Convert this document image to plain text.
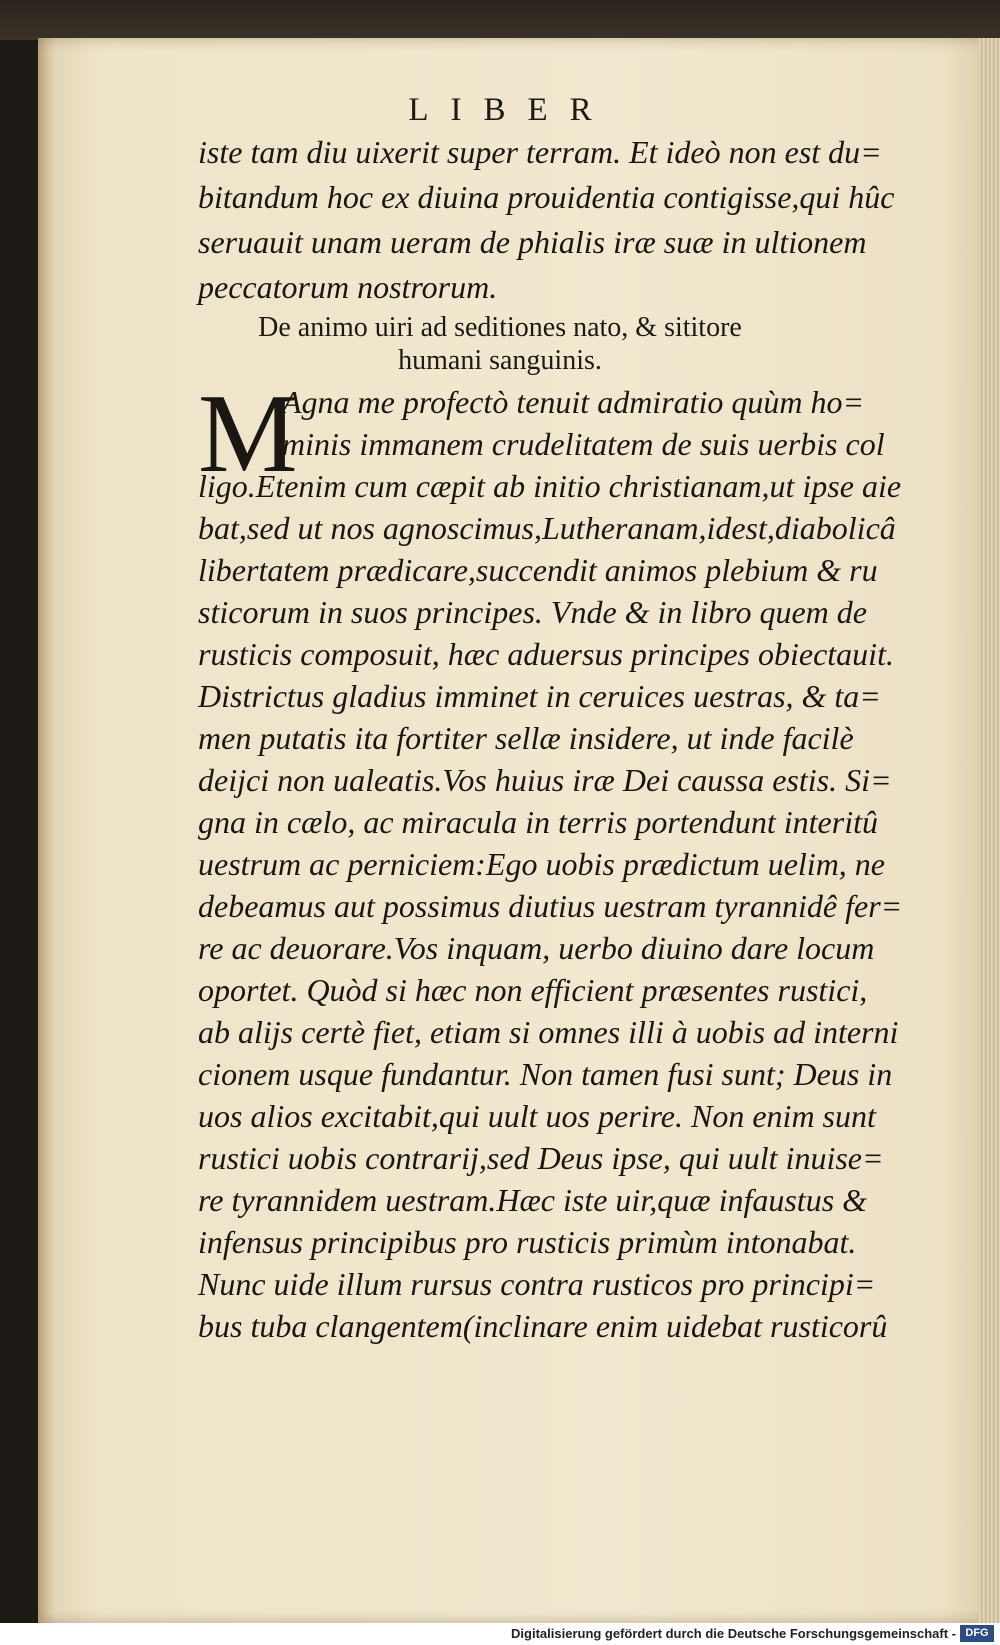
LIBER
iste tam diu uixerit super terram. Et ideò non est du=
bitandum hoc ex diuina prouidentia contigisse,qui hûc
seruauit unam ueram de phialis iræ suæ in ultionem
peccatorum nostrorum.
De animo uiri ad seditiones nato, & sititore
humani sanguinis.
M
Agna me profectò tenuit admiratio quùm ho=
minis immanem crudelitatem de suis uerbis col
ligo.Etenim cum cæpit ab initio christianam,ut ipse aie
bat,sed ut nos agnoscimus,Lutheranam,idest,diabolicâ
libertatem prædicare,succendit animos plebium & ru
sticorum in suos principes. Vnde & in libro quem de
rusticis composuit, hæc aduersus principes obiectauit.
Districtus gladius imminet in ceruices uestras, & ta=
men putatis ita fortiter sellæ insidere, ut inde facilè
deijci non ualeatis.Vos huius iræ Dei caussa estis. Si=
gna in cælo, ac miracula in terris portendunt interitû
uestrum ac perniciem:Ego uobis prædictum uelim, ne
debeamus aut possimus diutius uestram tyrannidê fer=
re ac deuorare.Vos inquam, uerbo diuino dare locum
oportet. Quòd si hæc non efficient præsentes rustici,
ab alijs certè fiet, etiam si omnes illi à uobis ad interni
cionem usque fundantur. Non tamen fusi sunt; Deus in
uos alios excitabit,qui uult uos perire. Non enim sunt
rustici uobis contrarij,sed Deus ipse, qui uult inuise=
re tyrannidem uestram.Hæc iste uir,quæ infaustus &
infensus principibus pro rusticis primùm intonabat.
Nunc uide illum rursus contra rusticos pro principi=
bus tuba clangentem(inclinare enim uidebat rusticorû
Digitalisierung gefördert durch die Deutsche Forschungsgemeinschaft - DFG
